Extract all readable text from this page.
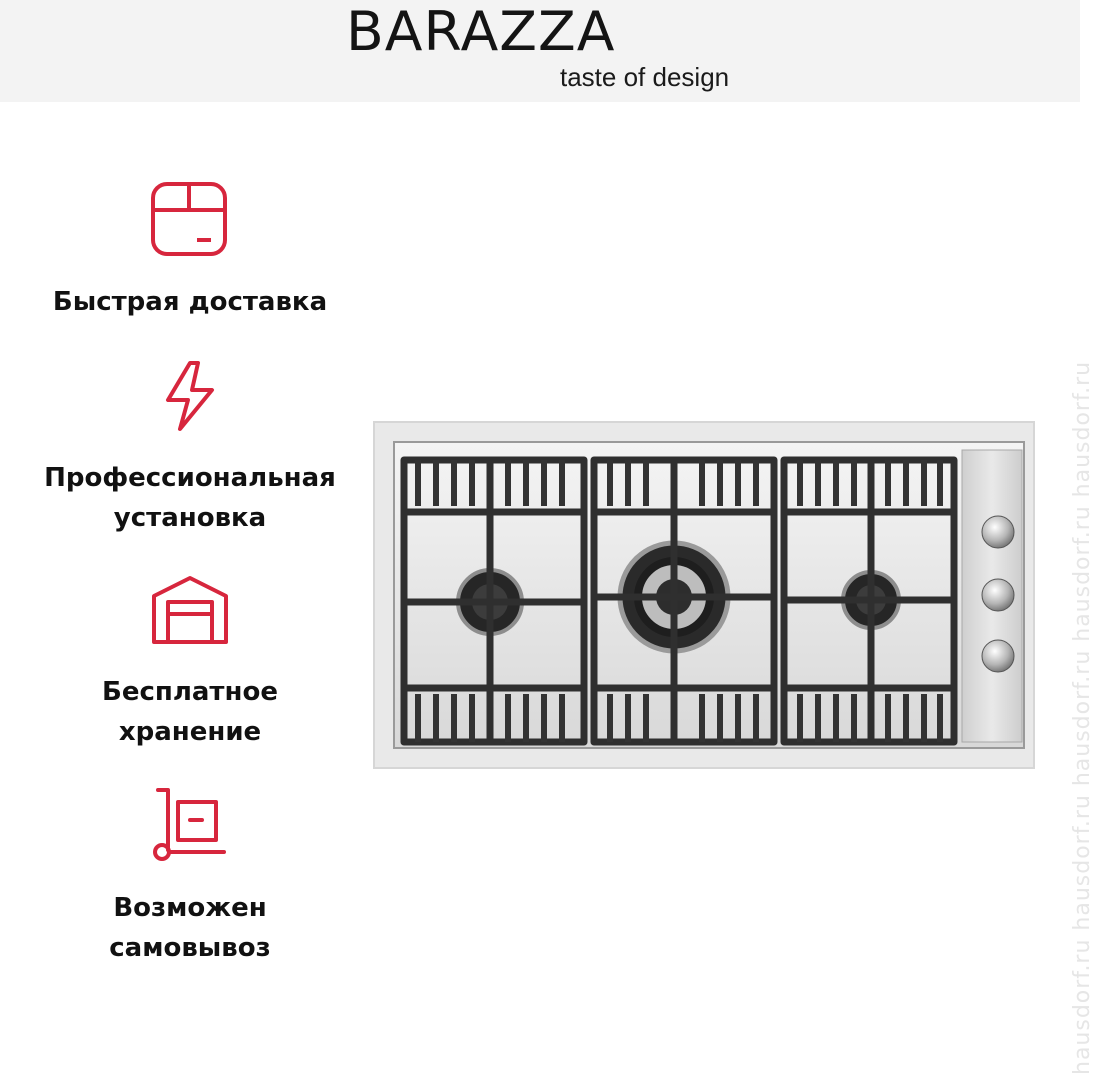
BARAZZA
taste of design
Быстрая доставка
Профессиональная
установка
Бесплатное
хранение
Возможен
самовывоз	hausdorf.ru hausdorf.ru hausdorf.ru hausdorf.ru hausdorf.ru
